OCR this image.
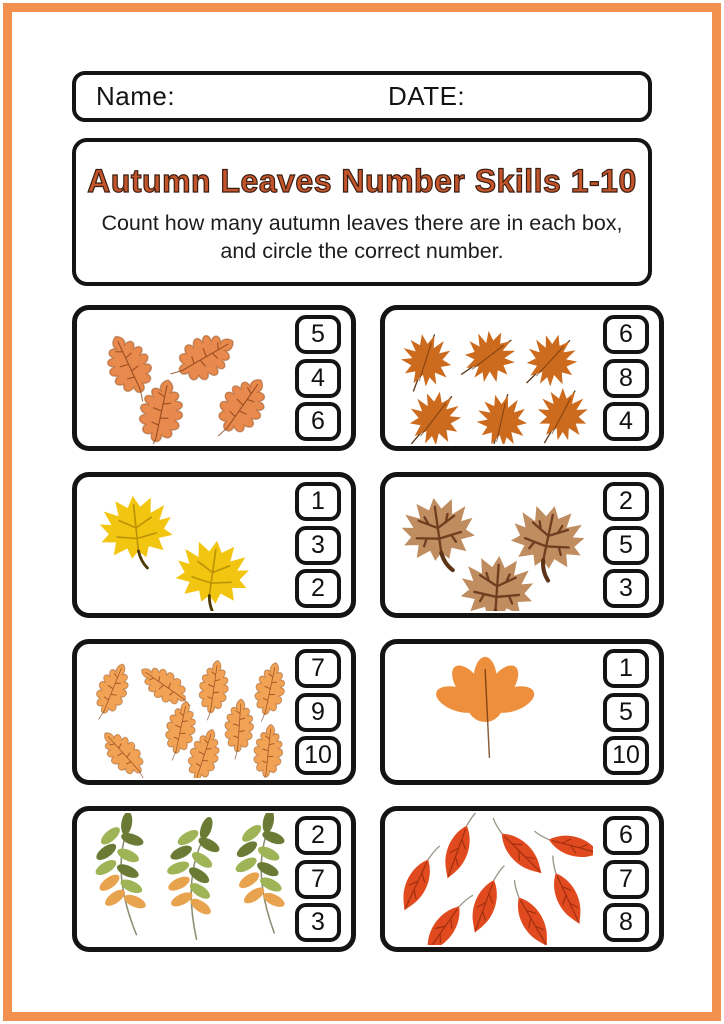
Name:	DATE:
Autumn Leaves Number Skills 1-10
Count how many autumn leaves there are in each box, and circle the correct number.
5
4
6
6
8
4
1
3
2
2
5
3
7
9
10
1
5
10
2
7
3
6
7
8
